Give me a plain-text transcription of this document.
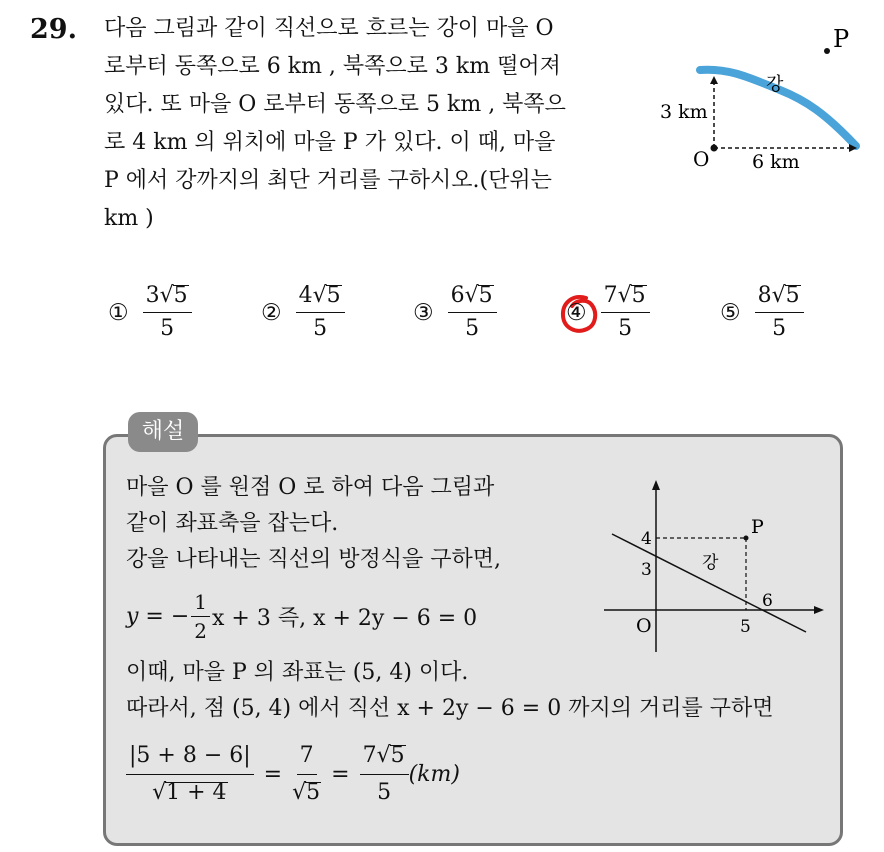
29. 다음 그림과 같이 직선으로 흐르는 강이 마을 O
로부터 동쪽으로 6 km , 북쪽으로 3 km 떨어져
있다. 또 마을 O 로부터 동쪽으로 5 km , 북쪽으
로 4 km 의 위치에 마을 P 가 있다. 이 때, 마을
P 에서 강까지의 최단 거리를 구하시오.(단위는
km )
P
강
3 km
O 6 km
① $\frac{3√5}{5}$	② $\frac{4√5}{5}$	③ $\frac{6√5}{5}$	④ $\frac{7√5}{5}$	⑤ $\frac{8√5}{5}$
해설
마을 O 를 원점 O 로 하여 다음 그림과
같이 좌표축을 잡는다.
강을 나타내는 직선의 방정식을 구하면,
y = − $\frac{1}{2}$ x + 3 즉, x + 2y − 6 = 0
이때, 마을 P 의 좌표는 (5, 4) 이다.
따라서, 점 (5, 4) 에서 직선 x + 2y − 6 = 0 까지의 거리를 구하면
$\frac{|5 + 8 - 6|}{√1 + 4} = \frac{7}{√5} = \frac{7√5}{5} (km)$
P
강
4
3
O	5
6
